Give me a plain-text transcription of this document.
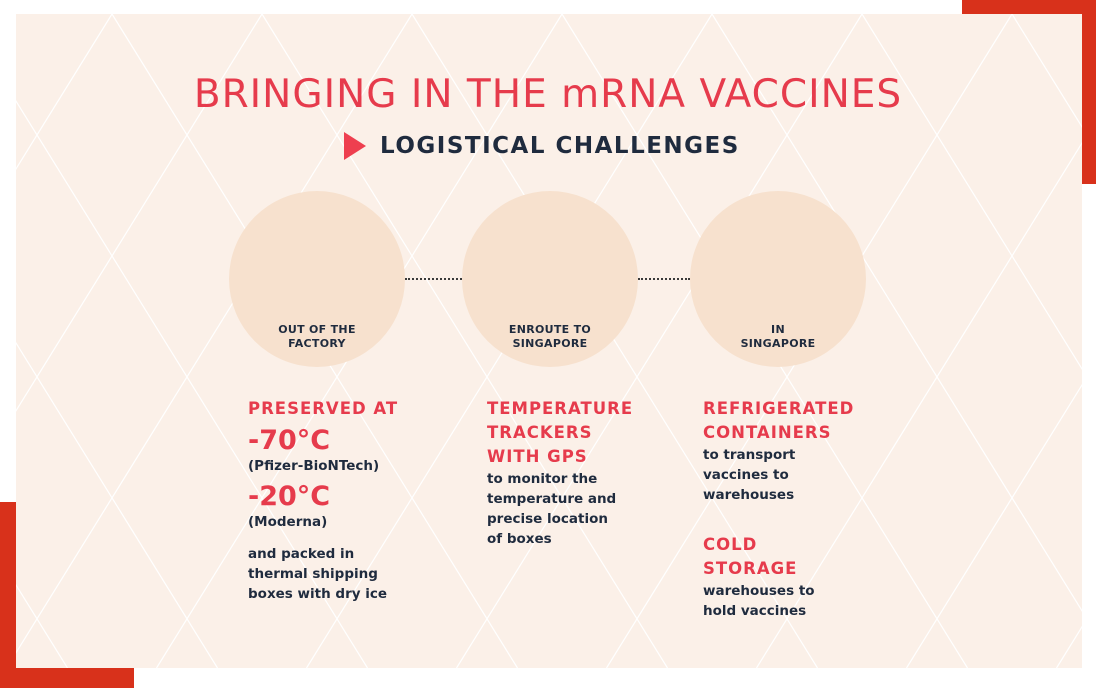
BRINGING IN THE mRNA VACCINES
LOGISTICAL CHALLENGES
OUT OF THE
FACTORY
ENROUTE TO
SINGAPORE
IN
SINGAPORE
PRESERVED AT
-70°C
(Pfizer-BioNTech)
-20°C
(Moderna)
and packed in
thermal shipping
boxes with dry ice
TEMPERATURE
TRACKERS
WITH GPS
to monitor the
temperature and
precise location
of boxes
REFRIGERATED
CONTAINERS
to transport
vaccines to
warehouses
COLD
STORAGE
warehouses to
hold vaccines
